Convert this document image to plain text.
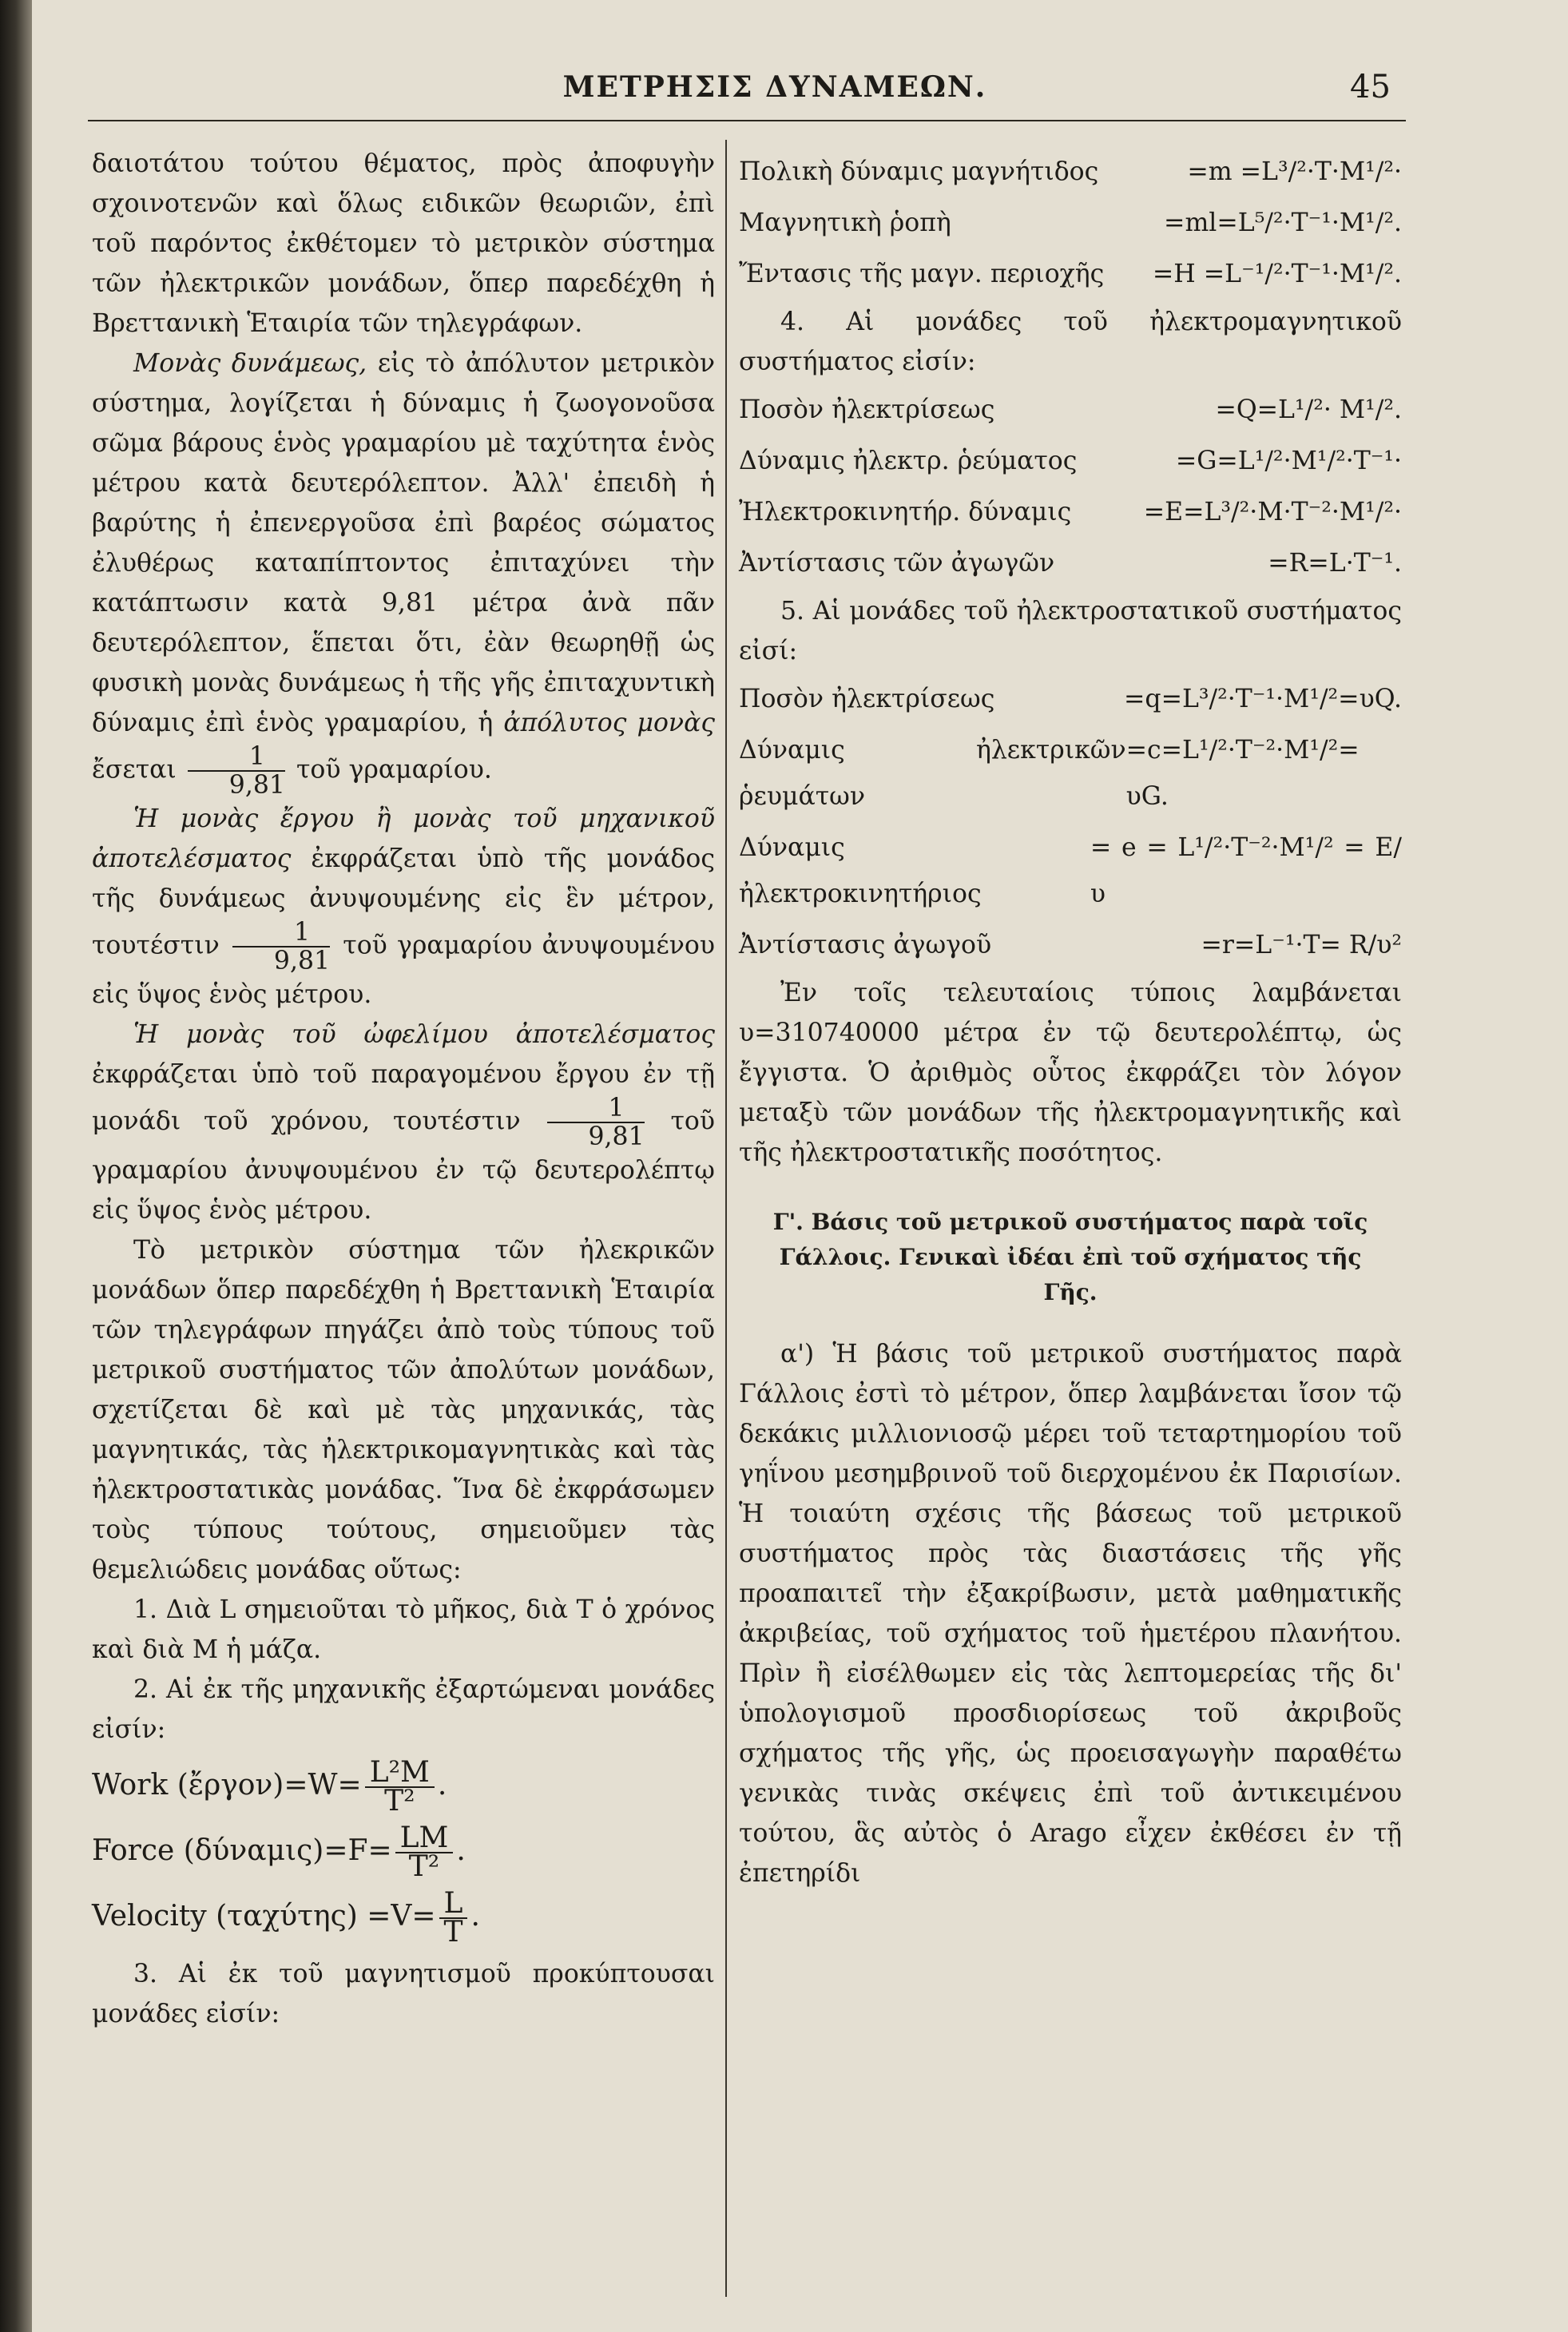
ΜΕΤΡΗΣΙΣ ΔΥΝΑΜΕΩΝ.	45

δαιοτάτου τούτου θέματος, πρὸς ἀποφυγὴν σχοινοτενῶν καὶ ὅλως ειδικῶν θεωριῶν, ἐπὶ τοῦ παρόντος ἐκθέτομεν τὸ μετρικὸν σύστημα τῶν ἠλεκτρικῶν μονάδων, ὅπερ παρεδέχθη ἡ Βρεττανικὴ Ἑταιρία τῶν τηλεγράφων.

Μονὰς δυνάμεως, εἰς τὸ ἀπόλυτον μετρικὸν σύστημα, λογίζεται ἡ δύναμις ἡ ζωογονοῦσα σῶμα βάρους ἑνὸς γραμαρίου μὲ ταχύτητα ἑνὸς μέτρου κατὰ δευτερόλεπτον. Ἀλλ' ἐπειδὴ ἡ βαρύτης ἡ ἐπενεργοῦσα ἐπὶ βαρέος σώματος ἐλυθέρως καταπίπτοντος ἐπιταχύνει τὴν κατάπτωσιν κατὰ 9,81 μέτρα ἀνὰ πᾶν δευτερόλεπτον, ἕπεται ὅτι, ἐὰν θεωρηθῇ ὡς φυσικὴ μονὰς δυνάμεως ἡ τῆς γῆς ἐπιταχυντικὴ δύναμις ἐπὶ ἑνὸς γραμαρίου, ἡ ἀπόλυτος μονὰς ἔσεται $\frac{1}{9,81}$ τοῦ γραμαρίου.

Ἡ μονὰς ἔργου ἢ μονὰς τοῦ μηχανικοῦ ἀποτελέσματος ἐκφράζεται ὑπὸ τῆς μονάδος τῆς δυνάμεως ἀνυψουμένης εἰς ἓν μέτρον, τουτέστιν $\frac{1}{9,81}$ τοῦ γραμαρίου ἀνυψουμένου εἰς ὕψος ἑνὸς μέτρου.

Ἡ μονὰς τοῦ ὠφελίμου ἀποτελέσματος ἐκφράζεται ὑπὸ τοῦ παραγομένου ἔργου ἐν τῇ μονάδι τοῦ χρόνου, τουτέστιν $\frac{1}{9,81}$ τοῦ γραμαρίου ἀνυψουμένου ἐν τῷ δευτερολέπτῳ εἰς ὕψος ἑνὸς μέτρου.

Τὸ μετρικὸν σύστημα τῶν ἠλεκρικῶν μονάδων ὅπερ παρεδέχθη ἡ Βρεττανικὴ Ἑταιρία τῶν τηλεγράφων πηγάζει ἀπὸ τοὺς τύπους τοῦ μετρικοῦ συστήματος τῶν ἀπολύτων μονάδων, σχετίζεται δὲ καὶ μὲ τὰς μηχανικάς, τὰς μαγνητικάς, τὰς ἠλεκτρικομαγνητικὰς καὶ τὰς ἠλεκτροστατικὰς μονάδας. Ἵνα δὲ ἐκφράσωμεν τοὺς τύπους τούτους, σημειοῦμεν τὰς θεμελιώδεις μονάδας οὕτως:

1. Διὰ L σημειοῦται τὸ μῆκος, διὰ T ὁ χρόνος καὶ διὰ M ἡ μάζα.

2. Αἱ ἐκ τῆς μηχανικῆς ἐξαρτώμεναι μονάδες εἰσίν:

Work (ἔργον)=W= $\frac{\text{L²M}}{\text{T²}}$ .

Force $(\delta ύ\nu\alpha\mu\iota\varsigma)=F= \frac{LM}{\text{T²}}$ .

Velocity $(\tau\alpha\chi ύ\tau\eta\varsigma) =V= \frac{L}{T}$ .

3. Αἱ ἐκ τοῦ μαγνητισμοῦ προκύπτουσαι μονάδες εἰσίν:

Πολικὴ δύναμις μαγνήτιδος	=m =L³/²·T·M¹/²·

Μαγνητικὴ ῥοπὴ	=ml=L⁵/²·T⁻¹·M¹/².

Ἔντασις τῆς μαγν. περιοχῆς =H =L⁻¹/²·T⁻¹·M¹/².

4. Αἱ μονάδες τοῦ ἠλεκτρομαγνητικοῦ συστήματος εἰσίν:

Ποσὸν ἠλεκτρίσεως	=Q=L¹/²· M¹/².

Δύναμις ἠλεκτρ. ῥεύματος	=G=L¹/²·M¹/²·T⁻¹·

Ἠλεκτροκινητήρ. δύναμις	=E=L³/²·M·T⁻²·M¹/²·

Ἀντίστασις τῶν ἀγωγῶν	=R=L·T⁻¹.

5. Αἱ μονάδες τοῦ ἠλεκτροστατικοῦ συστήματος εἰσί:

Ποσὸν ἠλεκτρίσεως	=q=L³/²·T⁻¹·M¹/²=υQ.

Δύναμις ἠλεκτρικῶν ῥευμάτων
=c=L¹/²·T⁻²·M¹/²= υG.

Δύναμις ἠλεκτροκινητήριος
= e = L¹/²·T⁻²·M¹/² = E/υ

Ἀντίστασις ἀγωγοῦ	=r=L⁻¹·T= R/υ²

Ἐν τοῖς τελευταίοις τύποις λαμβάνεται υ=310740000 μέτρα ἐν τῷ δευτερολέπτῳ, ὡς ἔγγιστα. Ὁ ἀριθμὸς οὗτος ἐκφράζει τὸν λόγον μεταξὺ τῶν μονάδων τῆς ἠλεκτρομαγνητικῆς καὶ τῆς ἠλεκτροστατικῆς ποσότητος.

Γ'. Βάσις τοῦ μετρικοῦ συστήματος παρὰ τοῖς Γάλλοις. Γενικαὶ ἰδέαι ἐπὶ τοῦ σχήματος τῆς Γῆς.

α') Ἡ βάσις τοῦ μετρικοῦ συστήματος παρὰ Γάλλοις ἐστὶ τὸ μέτρον, ὅπερ λαμβάνεται ἴσον τῷ δεκάκις μιλλιονιοσῷ μέρει τοῦ τεταρτημορίου τοῦ γηΐνου μεσημβρινοῦ τοῦ διερχομένου ἐκ Παρισίων. Ἡ τοιαύτη σχέσις τῆς βάσεως τοῦ μετρικοῦ συστήματος πρὸς τὰς διαστάσεις τῆς γῆς προαπαιτεῖ τὴν ἐξακρίβωσιν, μετὰ μαθηματικῆς ἀκριβείας, τοῦ σχήματος τοῦ ἡμετέρου πλανήτου. Πρὶν ἢ εἰσέλθωμεν εἰς τὰς λεπτομερείας τῆς δι' ὑπολογισμοῦ προσδιορίσεως τοῦ ἀκριβοῦς σχήματος τῆς γῆς, ὡς προεισαγωγὴν παραθέτω γενικὰς τινὰς σκέψεις ἐπὶ τοῦ ἀντικειμένου τούτου, ἃς αὐτὸς ὁ Arago εἶχεν ἐκθέσει ἐν τῇ ἐπετηρίδι
